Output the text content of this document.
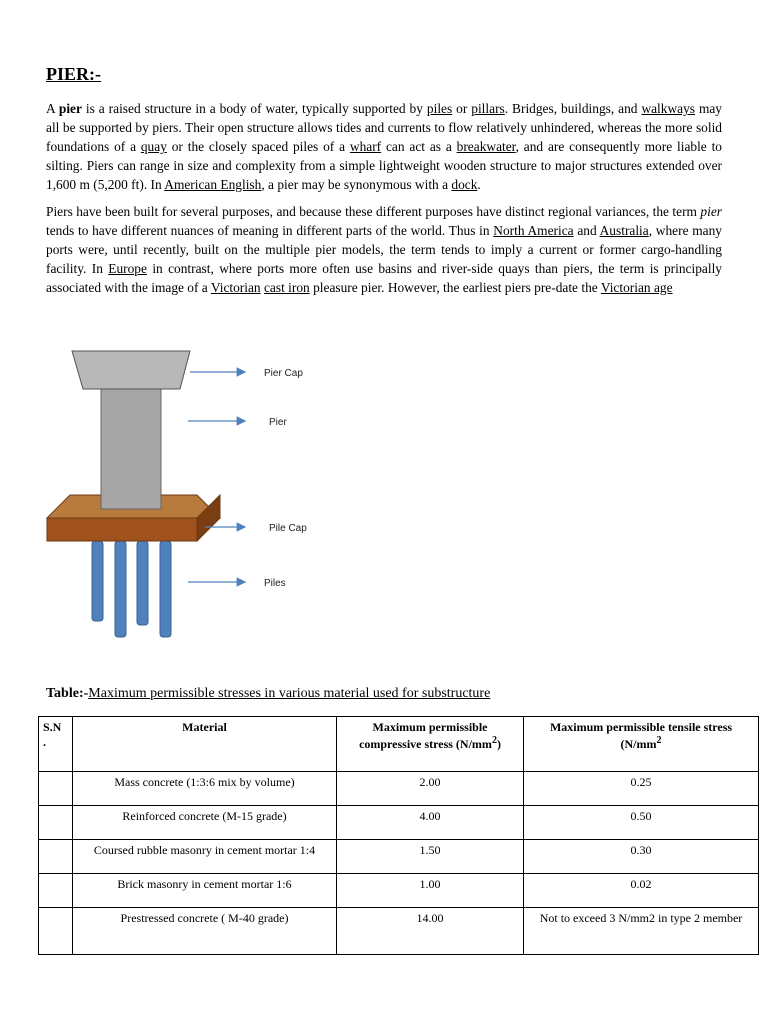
PIER:-

A pier is a raised structure in a body of water, typically supported by piles or pillars. Bridges, buildings, and walkways may all be supported by piers. Their open structure allows tides and currents to flow relatively unhindered, whereas the more solid foundations of a quay or the closely spaced piles of a wharf can act as a breakwater, and are consequently more liable to silting. Piers can range in size and complexity from a simple lightweight wooden structure to major structures extended over 1,600 m (5,200 ft). In American English, a pier may be synonymous with a dock.

Piers have been built for several purposes, and because these different purposes have distinct regional variances, the term pier tends to have different nuances of meaning in different parts of the world. Thus in North America and Australia, where many ports were, until recently, built on the multiple pier models, the term tends to imply a current or former cargo-handling facility. In Europe in contrast, where ports more often use basins and river-side quays than piers, the term is principally associated with the image of a Victorian cast iron pleasure pier. However, the earliest piers pre-date the Victorian age

Pier Cap
Pier
Pile Cap
Piles

Table:-Maximum permissible stresses in various material used for substructure

S.N
.	Material	Maximum permissible compressive stress $(N/mm^2)$	Maximum permissible tensile stress ($N/mm^2$
	Mass concrete (1:3:6 mix by volume)	2.00	0.25
	Reinforced concrete (M-15 grade)	4.00	0.50
	Coursed rubble masonry in cement mortar 1:4	1.50	0.30
	Brick masonry in cement mortar 1:6	1.00	0.02
	Prestressed concrete ( M-40 grade)	14.00	Not to exceed 3 N/mm2 in type 2 member
